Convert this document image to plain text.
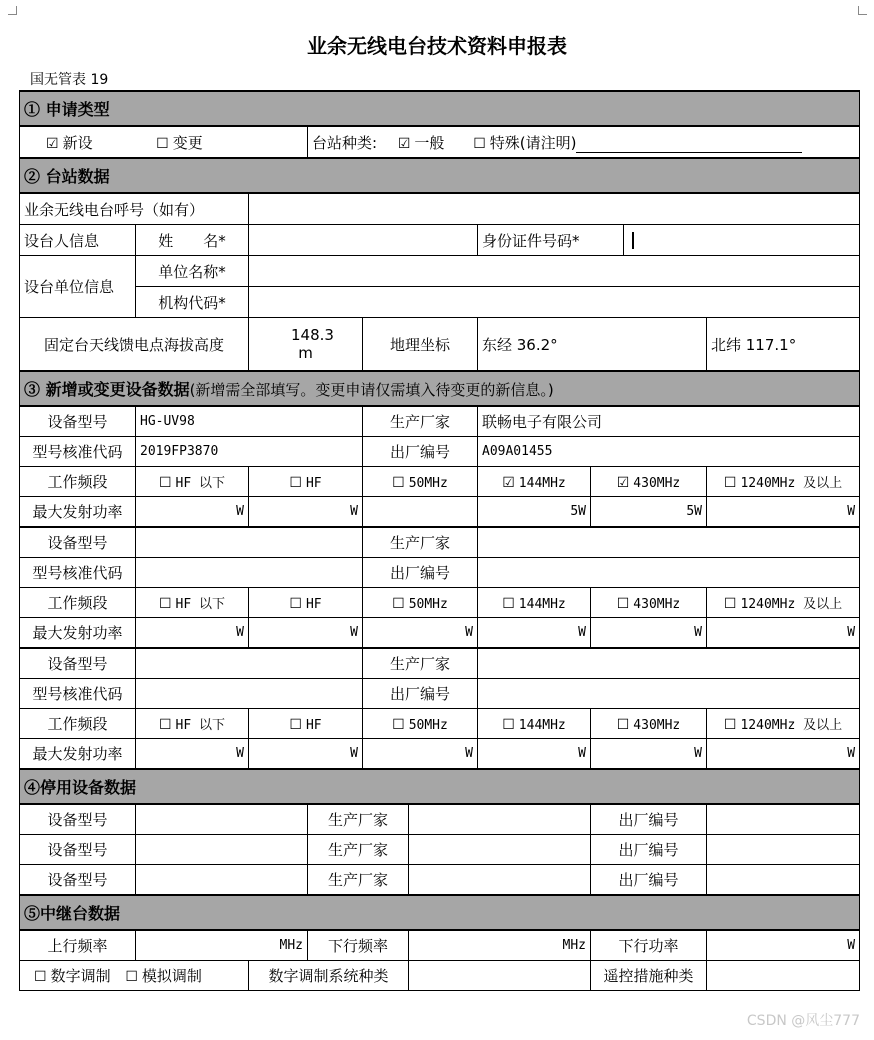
业余无线电台技术资料申报表
国无管表 19
① 申请类型									
☑ 新设 ☐ 变更			台站种类: ☑ 一般 ☐ 特殊(请注明)						
② 台站数据									
业余无线电台呼号（如有）									
设台人信息	姓　　名*					身份证件号码*			
设台单位信息	单位名称*								
	机构代码*								
固定台天线馈电点海拔高度		148.3 m		地理坐标		东经 36.2°			北纬 117.1°
③ 新增或变更设备数据(新增需全部填写。变更申请仅需填入待变更的新信息。)									
设备型号	HG-UV98			生产厂家		联畅电子有限公司			
型号核准代码	2019FP3870			出厂编号		A09A01455			
工作频段	☐ HF 以下	☐ HF		☐ 50MHz		☑ 144MHz	☑ 430MHz		☐ 1240MHz 及以上
最大发射功率	W	W				5W	5W		W
设备型号				生产厂家					
型号核准代码				出厂编号					
工作频段	☐ HF 以下	☐ HF		☐ 50MHz		☐ 144MHz	☐ 430MHz		☐ 1240MHz 及以上
最大发射功率	W	W		W		W	W		W
设备型号				生产厂家					
型号核准代码				出厂编号					
工作频段	☐ HF 以下	☐ HF		☐ 50MHz		☐ 144MHz	☐ 430MHz		☐ 1240MHz 及以上
最大发射功率	W	W		W		W	W		W
④停用设备数据									
设备型号			生产厂家				出厂编号		
设备型号			生产厂家				出厂编号		
设备型号			生产厂家				出厂编号		
⑤中继台数据									
上行频率	MHz		下行频率		MHz		下行功率		W
☐ 数字调制 ☐ 模拟调制		数字调制系统种类					遥控措施种类		
CSDN @风尘777
